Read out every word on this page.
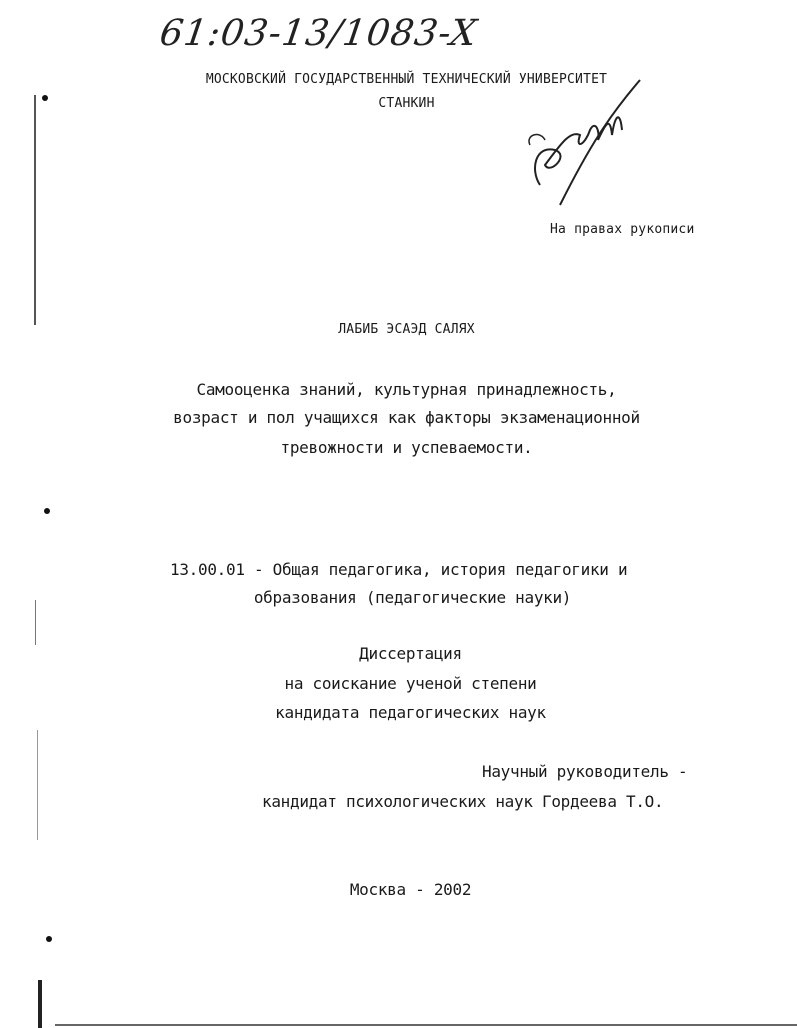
61:03-13/1083-X
МОСКОВСКИЙ ГОСУДАРСТВЕННЫЙ ТЕХНИЧЕСКИЙ УНИВЕРСИТЕТ
СТАНКИН
На правах рукописи
ЛАБИБ ЭСАЭД САЛЯХ
Самооценка знаний, культурная принадлежность,
возраст и пол учащихся как факторы экзаменационной
тревожности и успеваемости.
13.00.01 - Общая педагогика, история педагогики и
образования (педагогические науки)
Диссертация
на соискание ученой степени
кандидата педагогических наук
Научный руководитель -
кандидат психологических наук Гордеева Т.О.
Москва - 2002
